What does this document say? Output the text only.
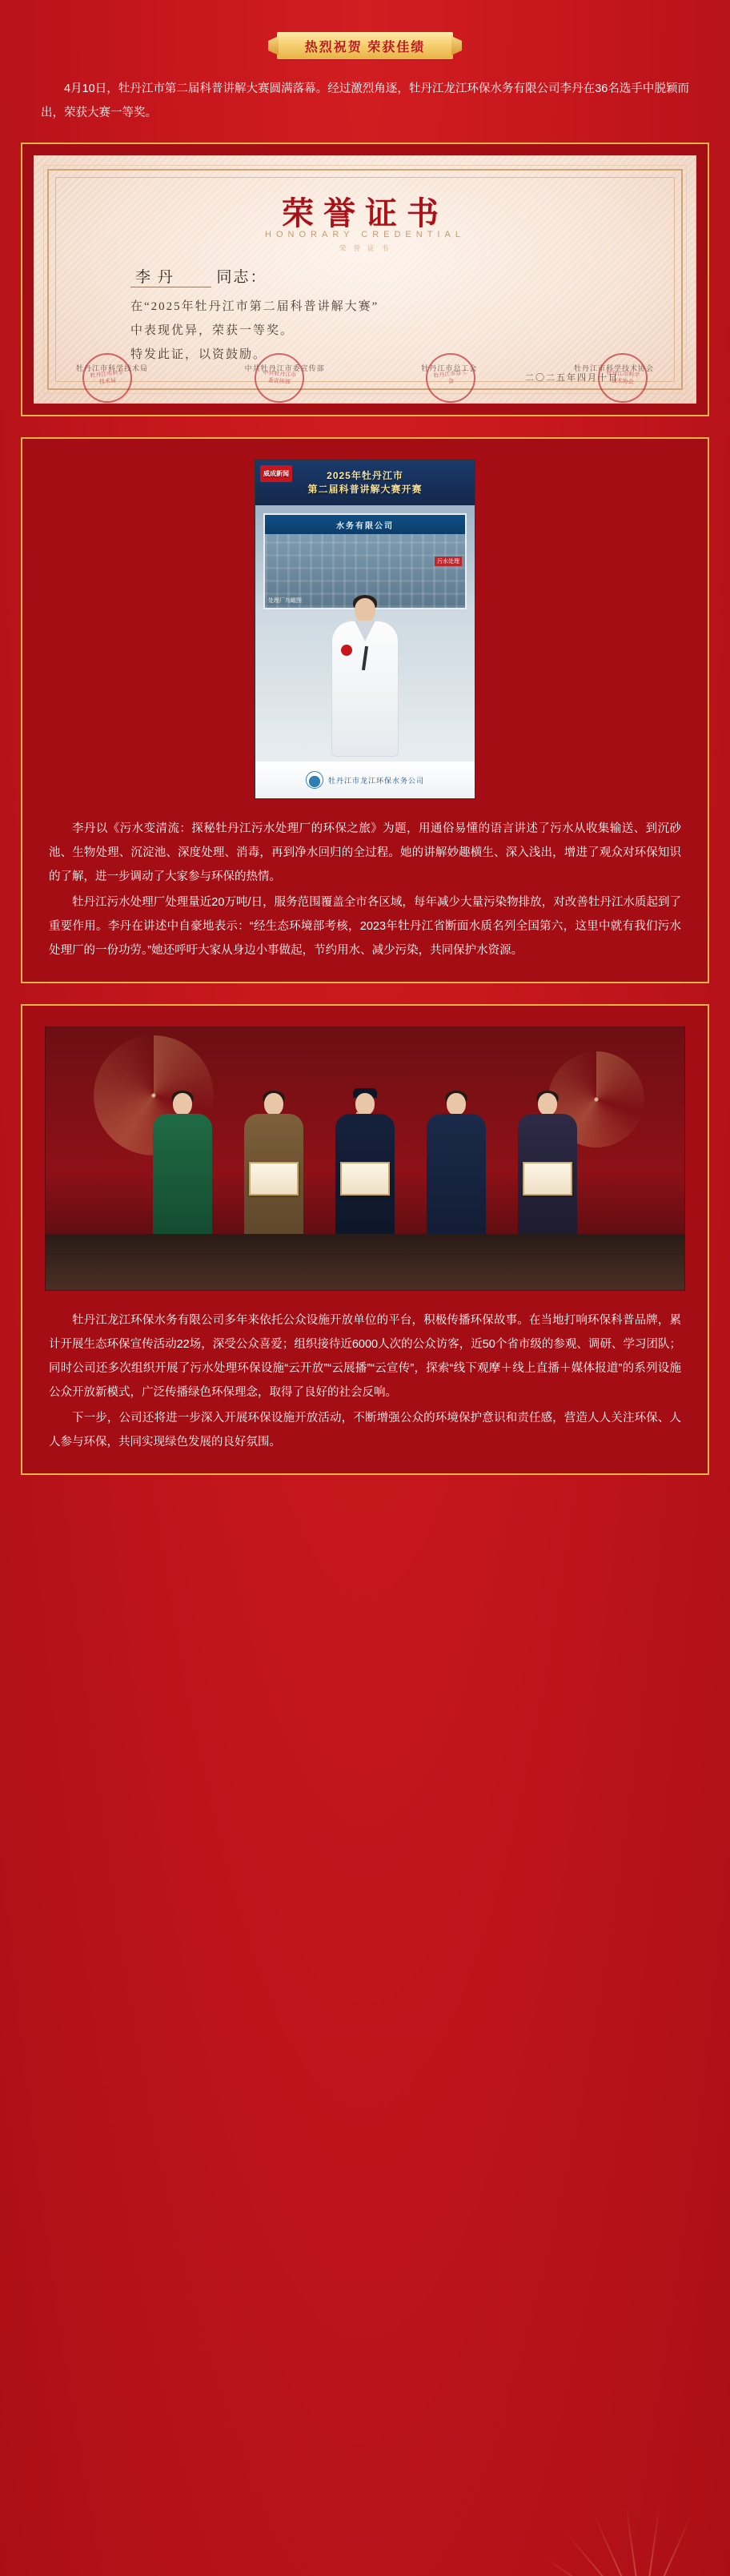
热烈祝贺 荣获佳绩
4月10日，牡丹江市第二届科普讲解大赛圆满落幕。经过激烈角逐，牡丹江龙江环保水务有限公司李丹在36名选手中脱颖而出，荣获大赛一等奖。
荣誉证书
HONORARY CREDENTIAL
荣 誉 证 书
李 丹	同志：
在“2025年牡丹江市第二届科普讲解大赛”
中表现优异，荣获一等奖。
特发此证，以资鼓励。
牡丹江市科学技术局
中共牡丹江市委宣传部
牡丹江市总工会
牡丹江市科学技术协会
牡丹江市科学技术局	中共牡丹江市委宣传部	牡丹江市总工会	牡丹江市科学技术协会
二〇二五年四月十日
威成新闻	2025年牡丹江市
第二届科普讲解大赛开赛
水务有限公司
处理厂鸟瞰图
污水处理
牡丹江市龙江环保水务公司

李丹以《污水变清流：探秘牡丹江污水处理厂的环保之旅》为题，用通俗易懂的语言讲述了污水从收集输送、到沉砂池、生物处理、沉淀池、深度处理、消毒，再到净水回归的全过程。她的讲解妙趣横生、深入浅出，增进了观众对环保知识的了解，进一步调动了大家参与环保的热情。

牡丹江污水处理厂处理量近20万吨/日，服务范围覆盖全市各区域，每年减少大量污染物排放，对改善牡丹江水质起到了重要作用。李丹在讲述中自豪地表示：“经生态环境部考核，2023年牡丹江省断面水质名列全国第六，这里中就有我们污水处理厂的一份功劳。”她还呼吁大家从身边小事做起，节约用水、减少污染，共同保护水资源。

牡丹江龙江环保水务有限公司多年来依托公众设施开放单位的平台，积极传播环保故事。在当地打响环保科普品牌，累计开展生态环保宣传活动22场，深受公众喜爱；组织接待近6000人次的公众访客，近50个省市级的参观、调研、学习团队；同时公司还多次组织开展了污水处理环保设施“云开放”“云展播”“云宣传”，探索“线下观摩＋线上直播＋媒体报道”的系列设施公众开放新模式，广泛传播绿色环保理念，取得了良好的社会反响。

下一步，公司还将进一步深入开展环保设施开放活动，不断增强公众的环境保护意识和责任感，营造人人关注环保、人人参与环保，共同实现绿色发展的良好氛围。
